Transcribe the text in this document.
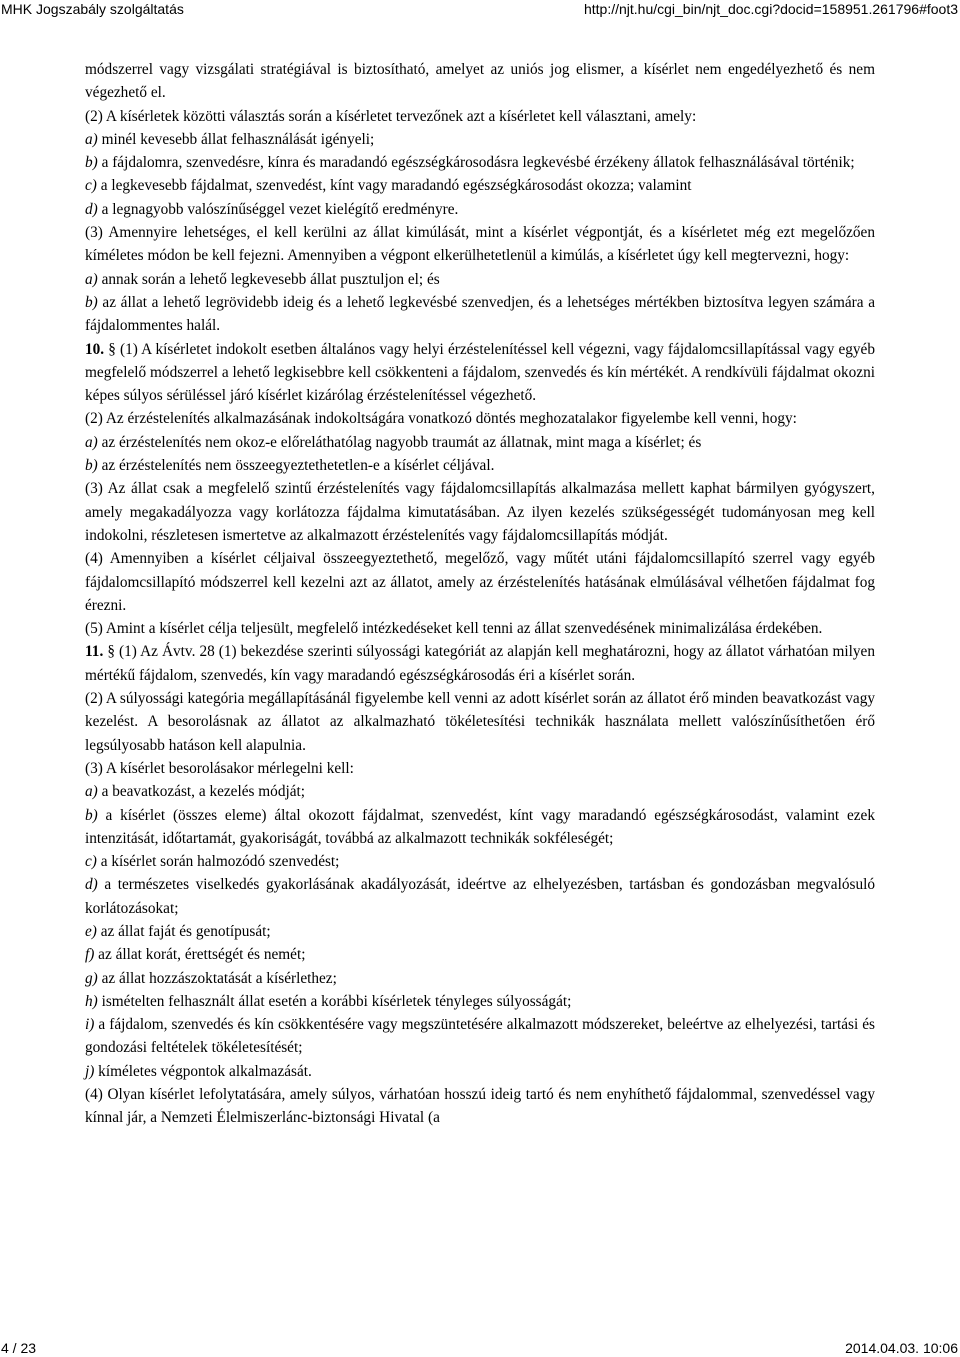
MHK Jogszabály szolgáltatás	http://njt.hu/cgi_bin/njt_doc.cgi?docid=158951.261796#foot3

módszerrel vagy vizsgálati stratégiával is biztosítható, amelyet az uniós jog elismer, a kísérlet nem engedélyezhető és nem végezhető el.

(2) A kísérletek közötti választás során a kísérletet tervezőnek azt a kísérletet kell választani, amely:

a) minél kevesebb állat felhasználását igényeli;

b) a fájdalomra, szenvedésre, kínra és maradandó egészségkárosodásra legkevésbé érzékeny állatok felhasználásával történik;

c) a legkevesebb fájdalmat, szenvedést, kínt vagy maradandó egészségkárosodást okozza; valamint

d) a legnagyobb valószínűséggel vezet kielégítő eredményre.

(3) Amennyire lehetséges, el kell kerülni az állat kimúlását, mint a kísérlet végpontját, és a kísérletet még ezt megelőzően kíméletes módon be kell fejezni. Amennyiben a végpont elkerülhetetlenül a kimúlás, a kísérletet úgy kell megtervezni, hogy:

a) annak során a lehető legkevesebb állat pusztuljon el; és

b) az állat a lehető legrövidebb ideig és a lehető legkevésbé szenvedjen, és a lehetséges mértékben biztosítva legyen számára a fájdalommentes halál.

10. § (1) A kísérletet indokolt esetben általános vagy helyi érzéstelenítéssel kell végezni, vagy fájdalomcsillapítással vagy egyéb megfelelő módszerrel a lehető legkisebbre kell csökkenteni a fájdalom, szenvedés és kín mértékét. A rendkívüli fájdalmat okozni képes súlyos sérüléssel járó kísérlet kizárólag érzéstelenítéssel végezhető.

(2) Az érzéstelenítés alkalmazásának indokoltságára vonatkozó döntés meghozatalakor figyelembe kell venni, hogy:

a) az érzéstelenítés nem okoz-e előreláthatólag nagyobb traumát az állatnak, mint maga a kísérlet; és

b) az érzéstelenítés nem összeegyeztethetetlen-e a kísérlet céljával.

(3) Az állat csak a megfelelő szintű érzéstelenítés vagy fájdalomcsillapítás alkalmazása mellett kaphat bármilyen gyógyszert, amely megakadályozza vagy korlátozza fájdalma kimutatásában. Az ilyen kezelés szükségességét tudományosan meg kell indokolni, részletesen ismertetve az alkalmazott érzéstelenítés vagy fájdalomcsillapítás módját.

(4) Amennyiben a kísérlet céljaival összeegyeztethető, megelőző, vagy műtét utáni fájdalomcsillapító szerrel vagy egyéb fájdalomcsillapító módszerrel kell kezelni azt az állatot, amely az érzéstelenítés hatásának elmúlásával vélhetően fájdalmat fog érezni.

(5) Amint a kísérlet célja teljesült, megfelelő intézkedéseket kell tenni az állat szenvedésének minimalizálása érdekében.

11. § (1) Az Ávtv. 28 (1) bekezdése szerinti súlyossági kategóriát az alapján kell meghatározni, hogy az állatot várhatóan milyen mértékű fájdalom, szenvedés, kín vagy maradandó egészségkárosodás éri a kísérlet során.

(2) A súlyossági kategória megállapításánál figyelembe kell venni az adott kísérlet során az állatot érő minden beavatkozást vagy kezelést. A besorolásnak az állatot az alkalmazható tökéletesítési technikák használata mellett valószínűsíthetően érő legsúlyosabb hatáson kell alapulnia.

(3) A kísérlet besorolásakor mérlegelni kell:

a) a beavatkozást, a kezelés módját;

b) a kísérlet (összes eleme) által okozott fájdalmat, szenvedést, kínt vagy maradandó egészségkárosodást, valamint ezek intenzitását, időtartamát, gyakoriságát, továbbá az alkalmazott technikák sokféleségét;

c) a kísérlet során halmozódó szenvedést;

d) a természetes viselkedés gyakorlásának akadályozását, ideértve az elhelyezésben, tartásban és gondozásban megvalósuló korlátozásokat;

e) az állat faját és genotípusát;

f) az állat korát, érettségét és nemét;

g) az állat hozzászoktatását a kísérlethez;

h) ismételten felhasznált állat esetén a korábbi kísérletek tényleges súlyosságát;

i) a fájdalom, szenvedés és kín csökkentésére vagy megszüntetésére alkalmazott módszereket, beleértve az elhelyezési, tartási és gondozási feltételek tökéletesítését;

j) kíméletes végpontok alkalmazását.

(4) Olyan kísérlet lefolytatására, amely súlyos, várhatóan hosszú ideig tartó és nem enyhíthető fájdalommal, szenvedéssel vagy kínnal jár, a Nemzeti Élelmiszerlánc-biztonsági Hivatal (a

4 / 23	2014.04.03. 10:06
